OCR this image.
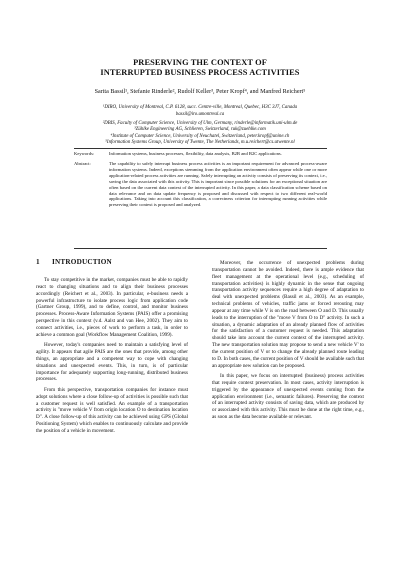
PRESERVING THE CONTEXT OF
INTERRUPTED BUSINESS PROCESS ACTIVITIES
Sarita Bassil¹, Stefanie Rinderle², Rudolf Keller³, Peter Kropf⁴, and Manfred Reichert⁵
¹DIRO, University of Montreal, C.P. 6128, succ. Centre-ville, Montreal, Quebec, H3C 3J7, Canada
bassil@iro.umontreal.ca
²DBIS, Faculty of Computer Science, University of Ulm, Germany, rinderle@informatik.uni-ulm.de
³Zühlke Engineering AG, Schlieren, Switzerland, ruk@zuehlke.com
⁴Institute of Computer Science, University of Neuchatel, Switzerland, peter.kropf@unine.ch
⁵Information Systems Group, University of Twente, The Netherlands, m.u.reichert@cs.utwente.nl
Keywords:	Information systems, business processes, flexibility, data analysis, B2B and B2C applications.
Abstract:	The capability to safely interrupt business process activities is an important requirement for advanced process-aware information systems. Indeed, exceptions stemming from the application environment often appear while one or more application-related process activities are running. Safely interrupting an activity consists of preserving its context, i.e., saving the data associated with this activity. This is important since possible solutions for an exceptional situation are often based on the current data context of the interrupted activity. In this paper, a data classification scheme based on data relevance and on data update frequency is proposed and discussed with respect to two different real-world applications. Taking into account this classification, a correctness criterion for interrupting running activities while preserving their context is proposed and analyzed.
1 INTRODUCTION

To stay competitive in the market, companies must be able to rapidly react to changing situations and to align their business processes accordingly (Reichert et al., 2003). In particular, e-business needs a powerful infrastructure to isolate process logic from application code (Gartner Group, 1999), and to define, control, and monitor business processes. Process-Aware Information Systems (PAIS) offer a promising perspective in this context (v.d. Aalst and van Hee, 2002). They aim to connect activities, i.e., pieces of work to perform a task, in order to achieve a common goal (Workflow Management Coalition, 1999).

However, today's companies need to maintain a satisfying level of agility. It appears that agile PAIS are the ones that provide, among other things, an appropriate and a competent way to cope with changing situations and unexpected events. This, in turn, is of particular importance for adequately supporting long-running, distributed business processes.

From this perspective, transportation companies for instance must adopt solutions where a close follow-up of activities is possible such that a customer request is well satisfied. An example of a transportation activity is "move vehicle V from origin location O to destination location D". A close follow-up of this activity can be achieved using GPS (Global Positioning System) which enables to continuously calculate and provide the position of a vehicle in movement.

Moreover, the occurrence of unexpected problems during transportation cannot be avoided. Indeed, there is ample evidence that fleet management at the operational level (e.g., scheduling of transportation activities) is highly dynamic in the sense that ongoing transportation activity sequences require a high degree of adaptation to deal with unexpected problems (Bassil et al., 2003). As an example, technical problems of vehicles, traffic jams or forced rerouting may appear at any time while V is on the road between O and D. This usually leads to the interruption of the "move V from O to D" activity. In such a situation, a dynamic adaptation of an already planned flow of activities for the satisfaction of a customer request is needed. This adaptation should take into account the current context of the interrupted activity. The new transportation solution may propose to send a new vehicle V' to the current position of V or to change the already planned route leading to D. In both cases, the current position of V should be available such that an appropriate new solution can be proposed.

In this paper, we focus on interrupted (business) process activities that require context preservation. In most cases, activity interruption is triggered by the appearance of unexpected events coming from the application environment (i.e., semantic failures). Preserving the context of an interrupted activity consists of saving data, which are produced by or associated with this activity. This must be done at the right time, e.g., as soon as the data become available or relevant.
